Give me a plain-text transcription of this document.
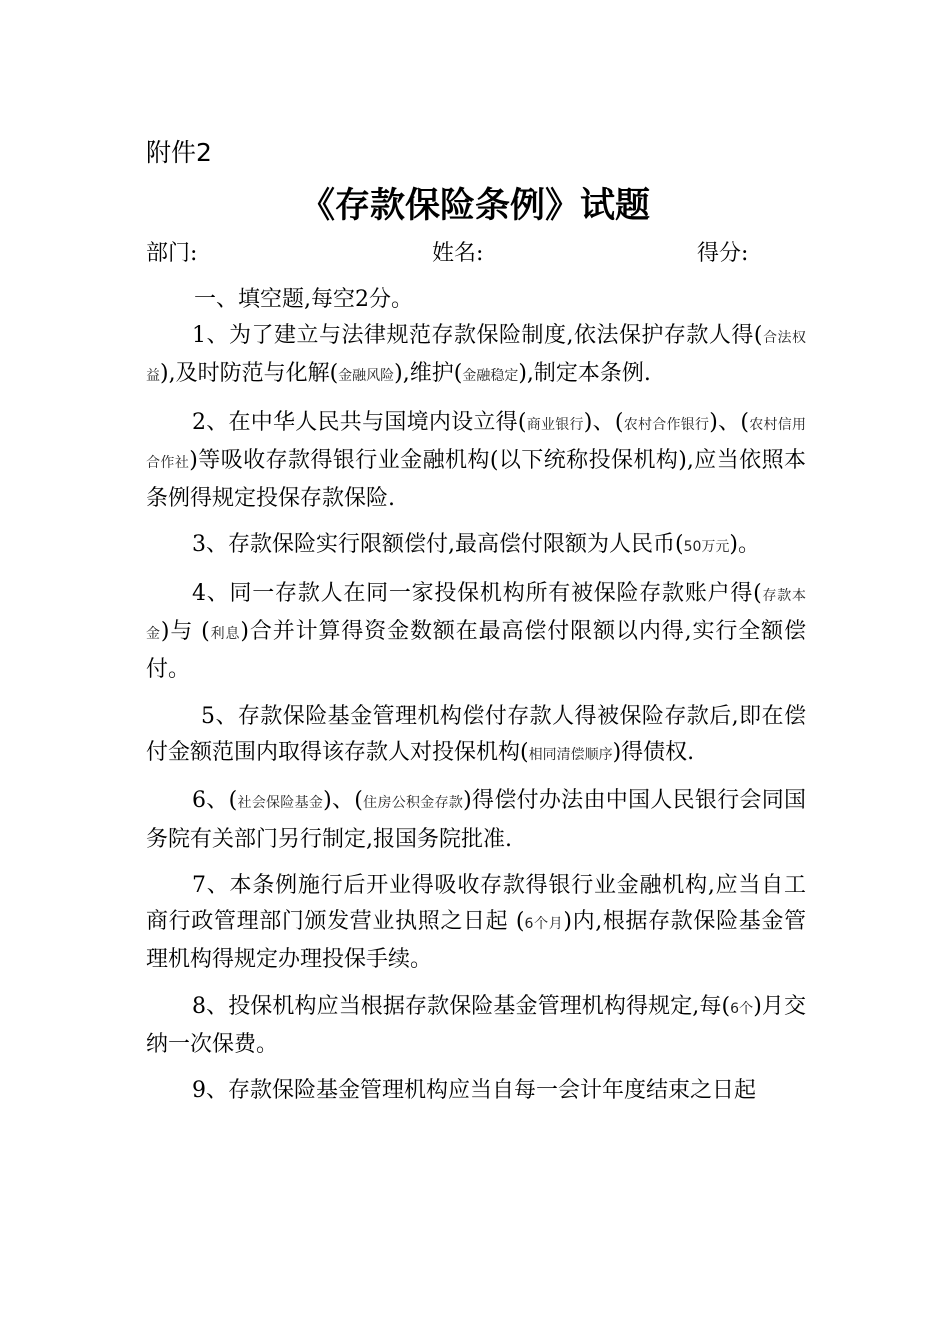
附件2
《存款保险条例》试题
部门:	姓名:	得分:
一、填空题,每空2分。

1、为了建立与法律规范存款保险制度,依法保护存款人得(合法权益),及时防范与化解(金融风险),维护(金融稳定),制定本条例.

2、在中华人民共与国境内设立得(商业银行)、(农村合作银行)、(农村信用合作社)等吸收存款得银行业金融机构(以下统称投保机构),应当依照本条例得规定投保存款保险.

3、存款保险实行限额偿付,最高偿付限额为人民币(50万元)。

4、同一存款人在同一家投保机构所有被保险存款账户得(存款本金)与 (利息)合并计算得资金数额在最高偿付限额以内得,实行全额偿付。

5、存款保险基金管理机构偿付存款人得被保险存款后,即在偿付金额范围内取得该存款人对投保机构(相同清偿顺序)得债权.

6、(社会保险基金)、(住房公积金存款)得偿付办法由中国人民银行会同国务院有关部门另行制定,报国务院批准.

7、本条例施行后开业得吸收存款得银行业金融机构,应当自工商行政管理部门颁发营业执照之日起 (6个月)内,根据存款保险基金管理机构得规定办理投保手续。

8、投保机构应当根据存款保险基金管理机构得规定,每(6个)月交纳一次保费。

9、存款保险基金管理机构应当自每一会计年度结束之日起
